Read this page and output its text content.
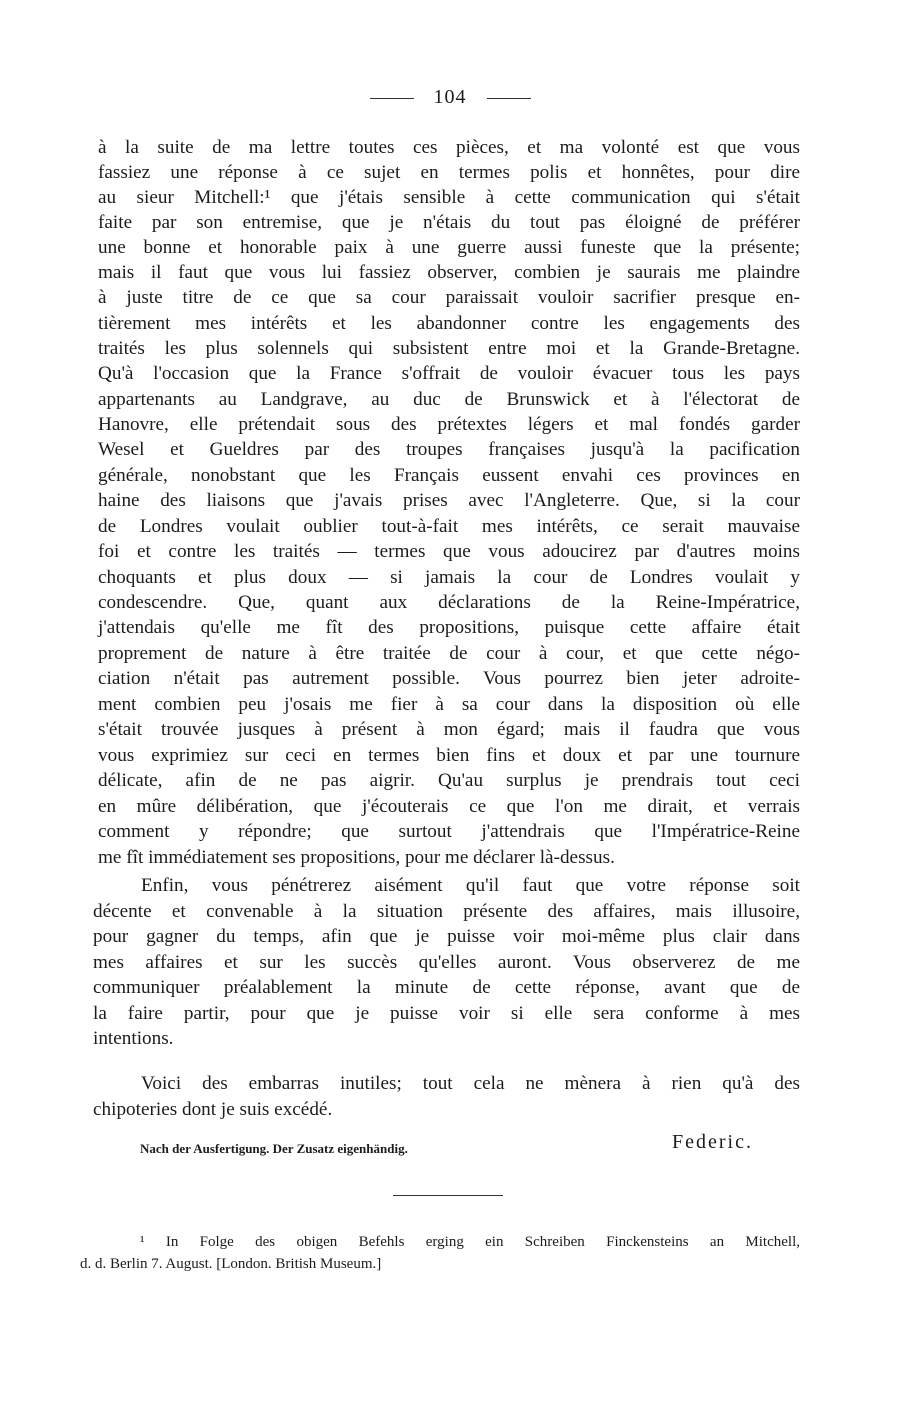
104
à la suite de ma lettre toutes ces pièces, et ma volonté est que vous
fassiez une réponse à ce sujet en termes polis et honnêtes, pour dire
au sieur Mitchell:¹ que j'étais sensible à cette communication qui s'était
faite par son entremise, que je n'étais du tout pas éloigné de préférer
une bonne et honorable paix à une guerre aussi funeste que la présente;
mais il faut que vous lui fassiez observer, combien je saurais me plaindre
à juste titre de ce que sa cour paraissait vouloir sacrifier presque en-
tièrement mes intérêts et les abandonner contre les engagements des
traités les plus solennels qui subsistent entre moi et la Grande-Bretagne.
Qu'à l'occasion que la France s'offrait de vouloir évacuer tous les pays
appartenants au Landgrave, au duc de Brunswick et à l'électorat de
Hanovre, elle prétendait sous des prétextes légers et mal fondés garder
Wesel et Gueldres par des troupes françaises jusqu'à la pacification
générale, nonobstant que les Français eussent envahi ces provinces en
haine des liaisons que j'avais prises avec l'Angleterre. Que, si la cour
de Londres voulait oublier tout-à-fait mes intérêts, ce serait mauvaise
foi et contre les traités — termes que vous adoucirez par d'autres moins
choquants et plus doux — si jamais la cour de Londres voulait y
condescendre. Que, quant aux déclarations de la Reine-Impératrice,
j'attendais qu'elle me fît des propositions, puisque cette affaire était
proprement de nature à être traitée de cour à cour, et que cette négo-
ciation n'était pas autrement possible. Vous pourrez bien jeter adroite-
ment combien peu j'osais me fier à sa cour dans la disposition où elle
s'était trouvée jusques à présent à mon égard; mais il faudra que vous
vous exprimiez sur ceci en termes bien fins et doux et par une tournure
délicate, afin de ne pas aigrir. Qu'au surplus je prendrais tout ceci
en mûre délibération, que j'écouterais ce que l'on me dirait, et verrais
comment y répondre; que surtout j'attendrais que l'Impératrice-Reine
me fît immédiatement ses propositions, pour me déclarer là-dessus.
Enfin, vous pénétrerez aisément qu'il faut que votre réponse soit
décente et convenable à la situation présente des affaires, mais illusoire,
pour gagner du temps, afin que je puisse voir moi-même plus clair dans
mes affaires et sur les succès qu'elles auront. Vous observerez de me
communiquer préalablement la minute de cette réponse, avant que de
la faire partir, pour que je puisse voir si elle sera conforme à mes
intentions.
Voici des embarras inutiles; tout cela ne mènera à rien qu'à des
chipoteries dont je suis excédé.
Nach der Ausfertigung. Der Zusatz eigenhändig.	Federic.
¹ In Folge des obigen Befehls erging ein Schreiben Finckensteins an Mitchell,
d. d. Berlin 7. August. [London. British Museum.]
